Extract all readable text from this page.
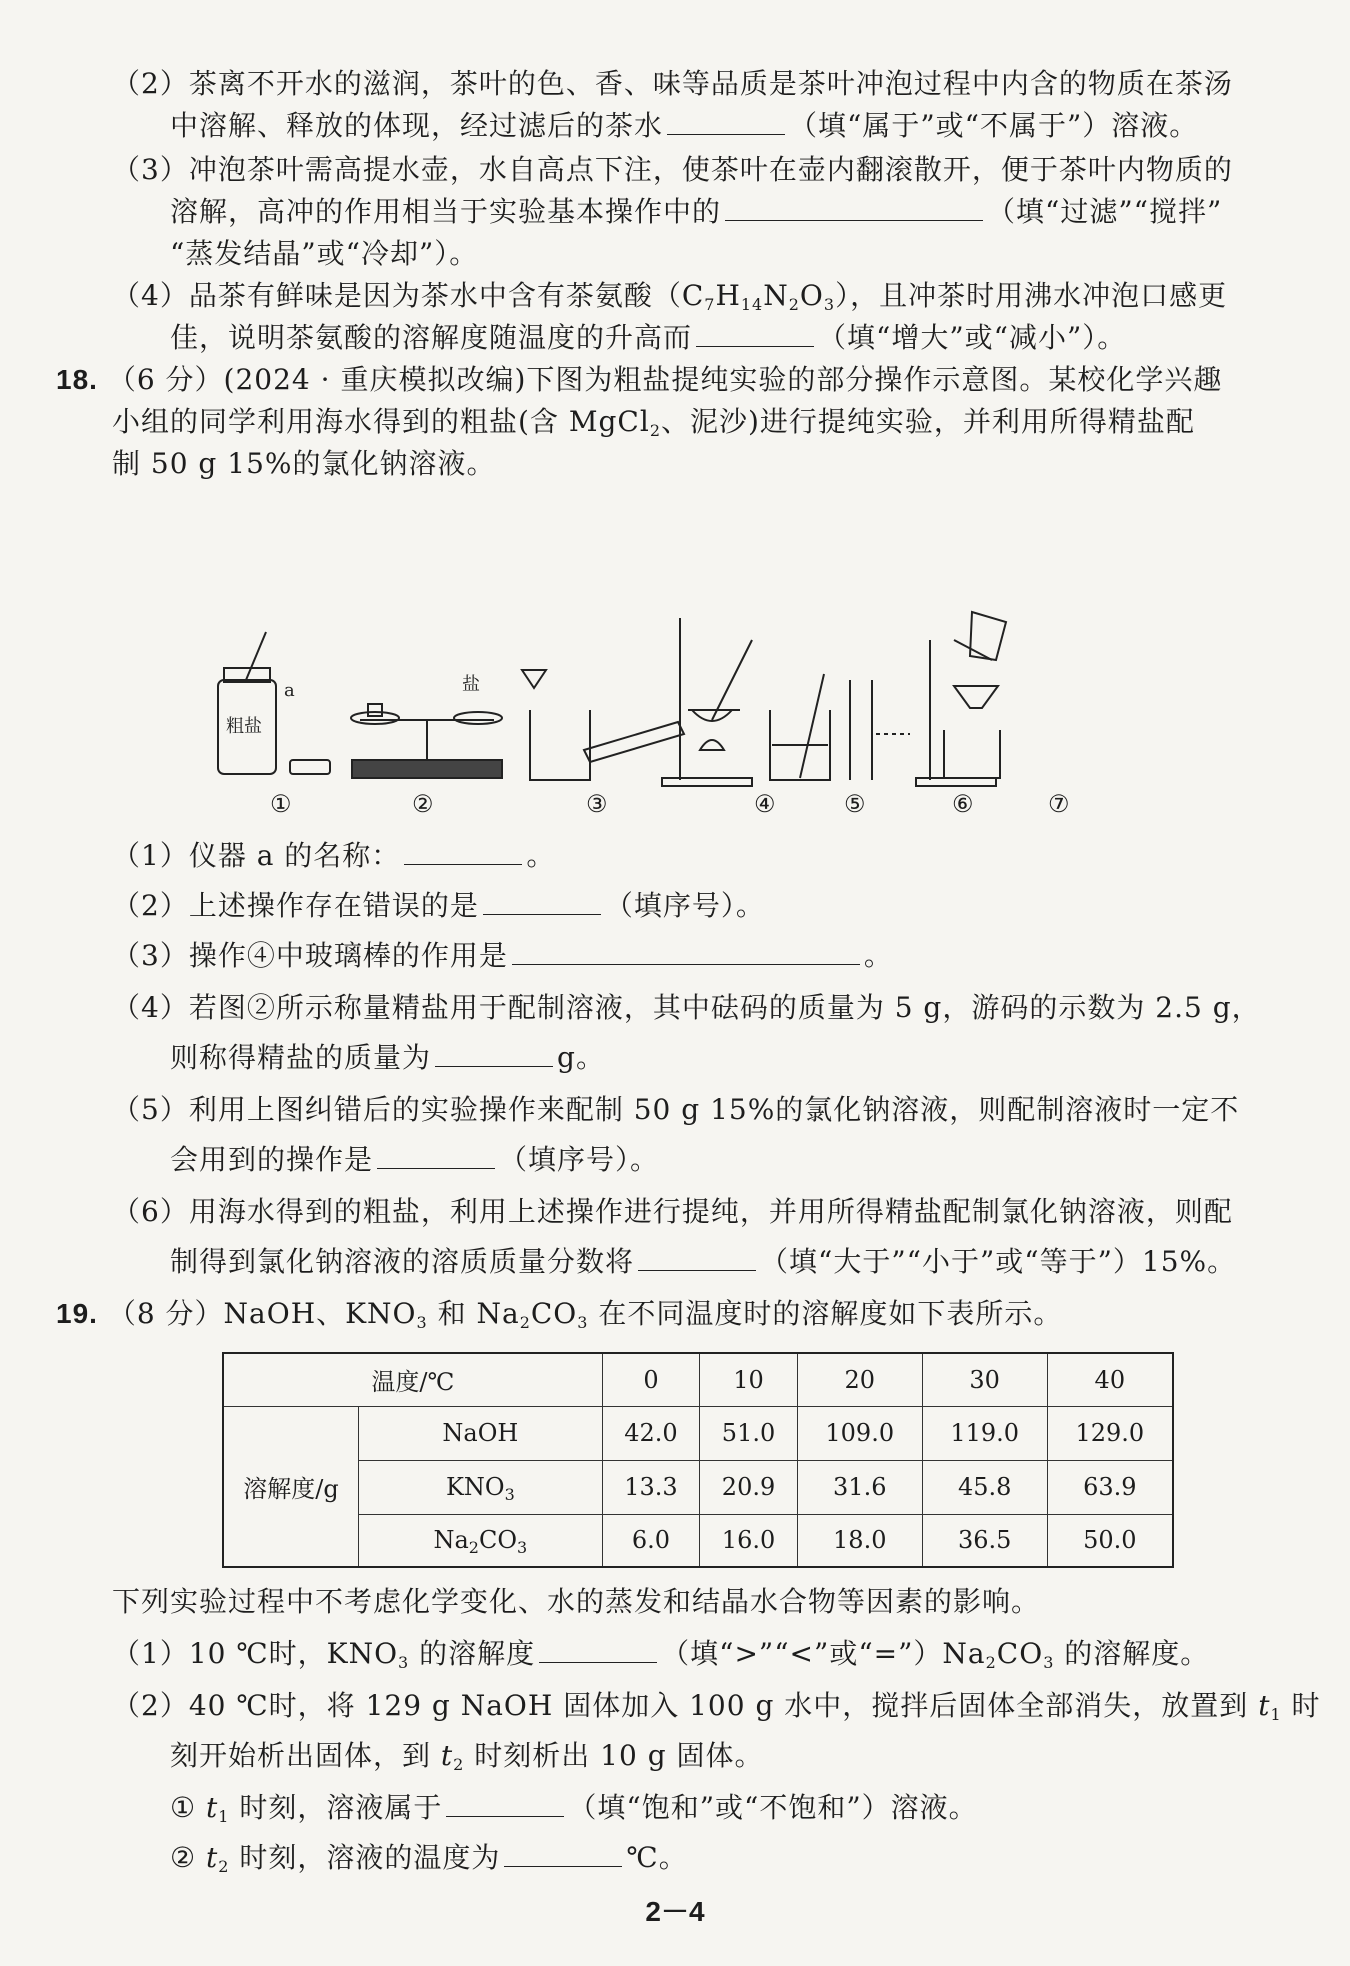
（2）茶离不开水的滋润，茶叶的色、香、味等品质是茶叶冲泡过程中内含的物质在茶汤
中溶解、释放的体现，经过滤后的茶水	（填“属于”或“不属于”）溶液。
（3）冲泡茶叶需高提水壶，水自高点下注，使茶叶在壶内翻滚散开，便于茶叶内物质的
溶解，高冲的作用相当于实验基本操作中的	（填“过滤”“搅拌”
“蒸发结晶”或“冷却”）。
（4）品茶有鲜味是因为茶水中含有茶氨酸$(C_7H_{14}N_2O_3)$，且冲茶时用沸水冲泡口感更
佳，说明茶氨酸的溶解度随温度的升高而	（填“增大”或“减小”）。
18. （6 分）(2024 · 重庆模拟改编)下图为粗盐提纯实验的部分操作示意图。某校化学兴趣
小组的同学利用海水得到的粗盐(含 MgCl$_2$、泥沙)进行提纯实验，并利用所得精盐配
制 50 g 15%的氯化钠溶液。
粗盐
a	盐
①	②	③	④	⑤	⑥	⑦
（1）仪器 a 的名称：	。
（2）上述操作存在错误的是	（填序号）。
（3）操作④中玻璃棒的作用是	。
（4）若图②所示称量精盐用于配制溶液，其中砝码的质量为 5 g，游码的示数为 2.5 g，
则称得精盐的质量为	g。
（5）利用上图纠错后的实验操作来配制 50 g 15%的氯化钠溶液，则配制溶液时一定不
会用到的操作是	（填序号）。
（6）用海水得到的粗盐，利用上述操作进行提纯，并用所得精盐配制氯化钠溶液，则配
制得到氯化钠溶液的溶质质量分数将	（填“大于”“小于”或“等于”）15%。
19. （8 分）NaOH、$KNO_3$ 和 $Na_2CO_3$ 在不同温度时的溶解度如下表所示。
温度/℃		0	10	20	30	40
溶解度/g	NaOH	42.0	51.0	109.0	119.0	129.0
	$KNO_3$	13.3	20.9	31.6	45.8	63.9
	$Na_2CO_3$	6.0	16.0	18.0	36.5	50.0
下列实验过程中不考虑化学变化、水的蒸发和结晶水合物等因素的影响。
（1）10 ℃时，$KNO_3$ 的溶解度	（填“>”“<”或“$=”)Na_2CO_3$ 的溶解度。
（2）40 ℃时，将 129 g NaOH 固体加入 100 g 水中，搅拌后固体全部消失，放置到 $t_1$ 时
刻开始析出固体，到 $t_2$ 时刻析出 10 g 固体。
① $t_1$ 时刻，溶液属于	（填“饱和”或“不饱和”）溶液。
② $t_2$ 时刻，溶液的温度为	℃。
2－4
